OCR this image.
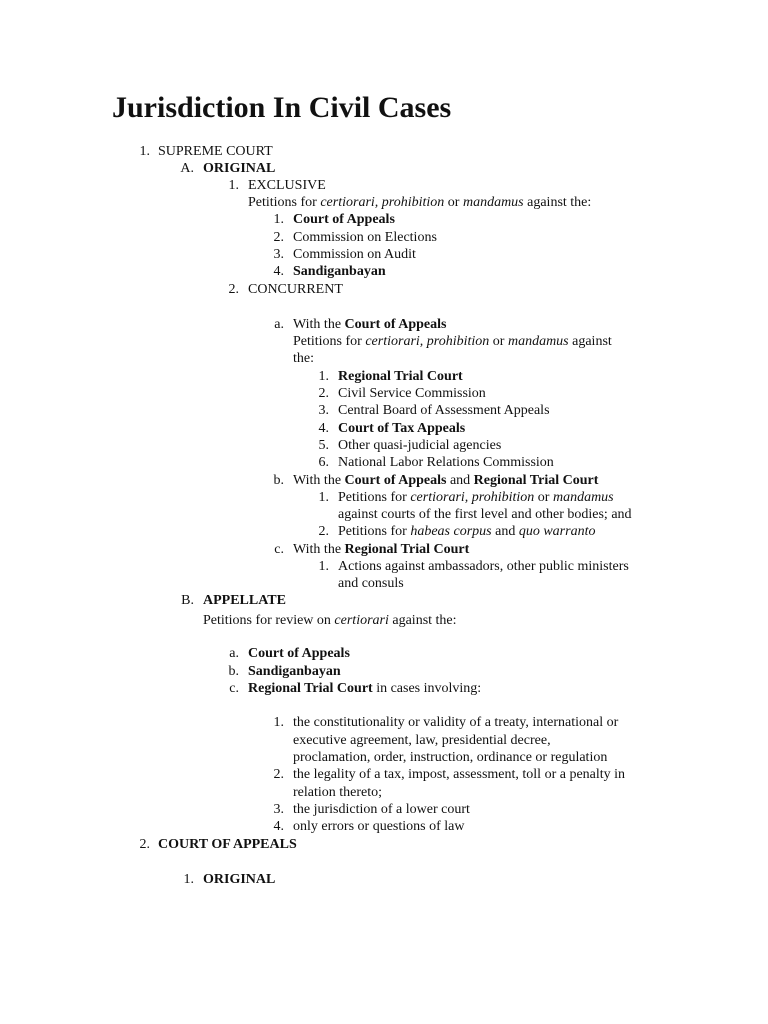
Jurisdiction In Civil Cases
1. SUPREME COURT
A. ORIGINAL
1. EXCLUSIVE
Petitions for certiorari, prohibition or mandamus against the:
1. Court of Appeals
2. Commission on Elections
3. Commission on Audit
4. Sandiganbayan
2. CONCURRENT
a. With the Court of Appeals
Petitions for certiorari, prohibition or mandamus against
the:
1. Regional Trial Court
2. Civil Service Commission
3. Central Board of Assessment Appeals
4. Court of Tax Appeals
5. Other quasi-judicial agencies
6. National Labor Relations Commission
b. With the Court of Appeals and Regional Trial Court
1. Petitions for certiorari, prohibition or mandamus
against courts of the first level and other bodies; and
2. Petitions for habeas corpus and quo warranto
c. With the Regional Trial Court
1. Actions against ambassadors, other public ministers
and consuls
B. APPELLATE
Petitions for review on certiorari against the:
a. Court of Appeals
b. Sandiganbayan
c. Regional Trial Court in cases involving:
1. the constitutionality or validity of a treaty, international or
executive agreement, law, presidential decree,
proclamation, order, instruction, ordinance or regulation
2. the legality of a tax, impost, assessment, toll or a penalty in
relation thereto;
3. the jurisdiction of a lower court
4. only errors or questions of law
2. COURT OF APPEALS
1. ORIGINAL
